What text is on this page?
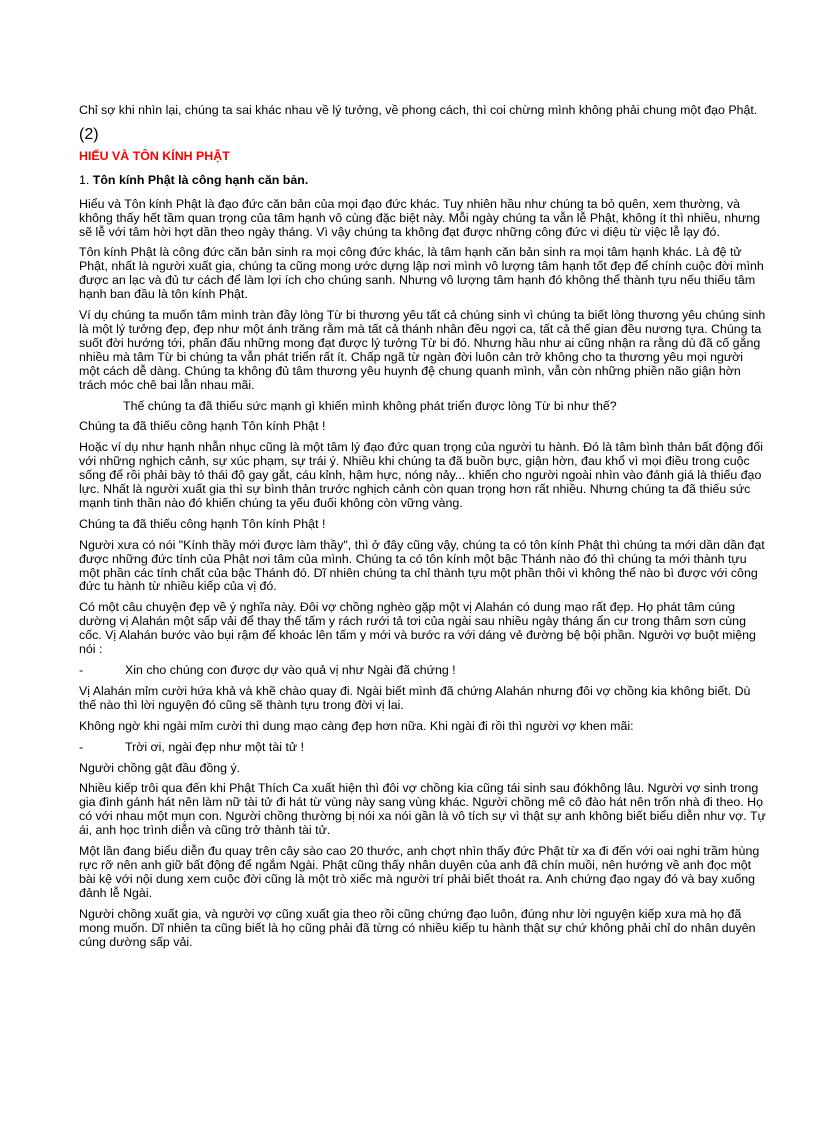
Chỉ sợ khi nhìn lại, chúng ta sai khác nhau về lý tưởng, về phong cách, thì coi chừng mình không phải chung một đạo Phật.

(2)

HIẾU VÀ TÔN KÍNH PHẬT

1. Tôn kính Phật là công hạnh căn bản.

Hiểu và Tôn kính Phật là đạo đức căn bản của mọi đạo đức khác. Tuy nhiên hầu như chúng ta bỏ quên, xem thường, và không thấy hết tầm quan trọng của tâm hạnh vô cùng đặc biệt này. Mỗi ngày chúng ta vẫn lễ Phật, không ít thì nhiều, nhưng sẽ lễ với tâm hời hợt dần theo ngày tháng. Vì vậy chúng ta không đạt được những công đức vi diệu từ việc lễ lạy đó.

Tôn kính Phật là công đức căn bản sinh ra mọi công đức khác, là tâm hạnh căn bản sinh ra mọi tâm hạnh khác. Là đệ tử Phật, nhất là người xuất gia, chúng ta cũng mong ước dựng lập nơi mình vô lượng tâm hạnh tốt đẹp để chính cuộc đời mình được an lạc và đủ tư cách để làm lợi ích cho chúng sanh. Nhưng vô lượng tâm hạnh đó không thể thành tựu nếu thiếu tâm hạnh ban đầu là tôn kính Phật.

Ví dụ chúng ta muốn tâm mình tràn đầy lòng Từ bi thương yêu tất cả chúng sinh vì chúng ta biết lòng thương yêu chúng sinh là một lý tưởng đẹp, đẹp như một ánh trăng rằm mà tất cả thánh nhân đều ngợi ca, tất cả thế gian đều nương tựa. Chúng ta suốt đời hướng tới, phấn đấu những mong đạt được lý tưởng Từ bi đó. Nhưng hầu như ai cũng nhận ra rằng dù đã cố gắng nhiều mà tâm Từ bi chúng ta vẫn phát triển rất ít. Chấp ngã từ ngàn đời luôn cản trở không cho ta thương yêu mọi người một cách dễ dàng. Chúng ta không đủ tâm thương yêu huynh đệ chung quanh mình, vẫn còn những phiền não giận hờn trách móc chê bai lẫn nhau mãi.

Thế chúng ta đã thiếu sức mạnh gì khiến mình không phát triển được lòng Từ bi như thế?

Chúng ta đã thiếu công hạnh Tôn kính Phật !

Hoặc ví dụ như hạnh nhẫn nhục cũng là một tâm lý đạo đức quan trọng của người tu hành. Đó là tâm bình thản bất động đối với những nghịch cảnh, sự xúc phạm, sự trái ý. Nhiều khi chúng ta đã buồn bực, giận hờn, đau khổ vì mọi điều trong cuộc sống để rồi phải bày tỏ thái độ gay gắt, cáu kỉnh, hậm hực, nóng nảy... khiến cho người ngoài nhìn vào đánh giá là thiếu đạo lực. Nhất là người xuất gia thì sự bình thản trước nghịch cảnh còn quan trọng hơn rất nhiều. Nhưng chúng ta đã thiếu sức mạnh tinh thần nào đó khiến chúng ta yếu đuối không còn vững vàng.

Chúng ta đã thiếu công hạnh Tôn kính Phật !

Người xưa có nói "Kính thầy mới được làm thầy", thì ở đây cũng vậy, chúng ta có tôn kính Phật thì chúng ta mới dần dần đạt được những đức tính của Phật nơi tâm của mình. Chúng ta có tôn kính một bậc Thánh nào đó thì chúng ta mới thành tựu một phần các tính chất của bậc Thánh đó. Dĩ nhiên chúng ta chỉ thành tựu một phần thôi vì không thể nào bì được với công đức tu hành từ nhiều kiếp của vị đó.

Có một câu chuyện đẹp về ý nghĩa này. Đôi vợ chồng nghèo gặp một vị Alahán có dung mạo rất đẹp. Họ phát tâm cúng dường vị Alahán một sấp vải để thay thế tấm y rách rưới tả tơi của ngài sau nhiều ngày tháng ẩn cư trong thâm sơn cùng cốc. Vị Alahán bước vào bụi rậm để khoác lên tấm y mới và bước ra với dáng vẻ đường bệ bội phần. Người vợ buột miệng nói :

-	Xin cho chúng con được dự vào quả vị như Ngài đã chứng !

Vị Alahán mỉm cười hứa khả và khẽ chào quay đi. Ngài biết mình đã chứng Alahán nhưng đôi vợ chồng kia không biết. Dù thế nào thì lời nguyện đó cũng sẽ thành tựu trong đời vị lai.

Không ngờ khi ngài mỉm cười thì dung mạo càng đẹp hơn nữa. Khi ngài đi rồi thì người vợ khen mãi:

-	Trời ơi, ngài đẹp như một tài tử !

Người chồng gật đầu đồng ý.

Nhiều kiếp trôi qua đến khi Phật Thích Ca xuất hiện thì đôi vợ chồng kia cũng tái sinh sau đókhông lâu. Người vợ sinh trong gia đình gánh hát nên làm nữ tài tử đi hát từ vùng này sang vùng khác. Người chồng mê cô đào hát nên trốn nhà đi theo. Họ có với nhau một mụn con. Người chồng thường bị nói xa nói gần là vô tích sự vì thật sự anh không biết biểu diễn như vợ. Tự ái, anh học trình diễn và cũng trở thành tài tử.

Một lần đang biểu diễn đu quay trên cây sào cao 20 thước, anh chợt nhìn thấy đức Phật từ xa đi đến với oai nghi trầm hùng rực rỡ nên anh giữ bất động để ngắm Ngài. Phật cũng thấy nhân duyên của anh đã chín muồi, nên hướng về anh đọc một bài kệ với nội dung xem cuộc đời cũng là một trò xiếc mà người trí phải biết thoát ra. Anh chứng đạo ngay đó và bay xuống đảnh lễ Ngài.

Người chồng xuất gia, và người vợ cũng xuất gia theo rồi cũng chứng đạo luôn, đúng như lời nguyện kiếp xưa mà họ đã mong muốn. Dĩ nhiên ta cũng biết là họ cũng phải đã từng có nhiều kiếp tu hành thật sự chứ không phải chỉ do nhân duyên cúng dường sấp vải.
